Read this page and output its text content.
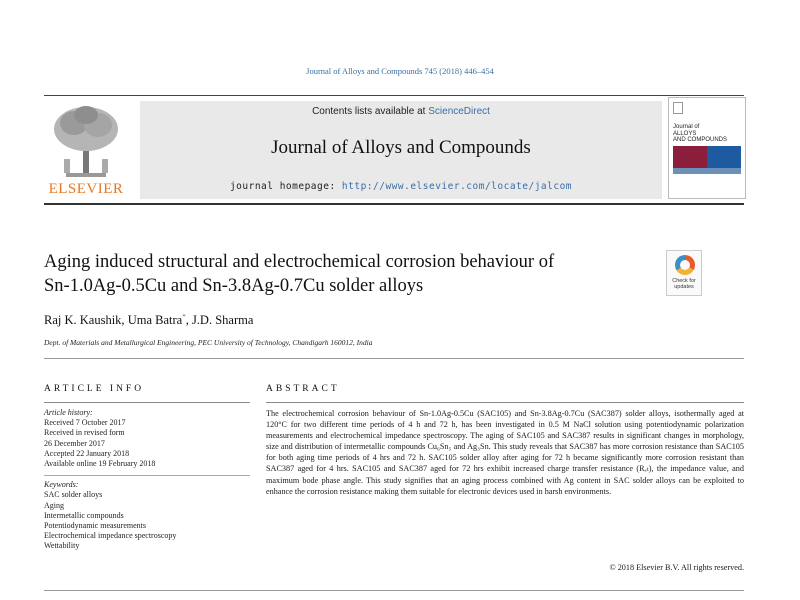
Journal of Alloys and Compounds 745 (2018) 446–454
ELSEVIER
Contents lists available at ScienceDirect
Journal of Alloys and Compounds
journal homepage: http://www.elsevier.com/locate/jalcom
Journal of
ALLOYS
AND COMPOUNDS
Aging induced structural and electrochemical corrosion behaviour of
Sn-1.0Ag-0.5Cu and Sn-3.8Ag-0.7Cu solder alloys	Check for
updates
Raj K. Kaushik, Uma Batra*, J.D. Sharma
Dept. of Materials and Metallurgical Engineering, PEC University of Technology, Chandigarh 160012, India
ARTICLE INFO	ABSTRACT
Article history:
Received 7 October 2017
Received in revised form
26 December 2017
Accepted 22 January 2018
Available online 19 February 2018
Keywords:
SAC solder alloys
Aging
Intermetallic compounds
Potentiodynamic measurements
Electrochemical impedance spectroscopy
Wettability
The electrochemical corrosion behaviour of Sn-1.0Ag-0.5Cu (SAC105) and Sn-3.8Ag-0.7Cu (SAC387) solder alloys, isothermally aged at 120°C for two different time periods of 4 h and 72 h, has been investigated in 0.5 M NaCl solution using potentiodynamic polarization measurements and electrochemical impedance spectroscopy. The aging of SAC105 and SAC387 results in significant changes in morphology, size and distribution of intermetallic compounds Cu₆Sn₅ and Ag₃Sn. This study reveals that SAC387 has more corrosion resistance than SAC105 for both aging time periods of 4 hrs and 72 h. SAC105 solder alloy after aging for 72 h became significantly more corrosion resistant than SAC387 aged for 4 hrs. SAC105 and SAC387 aged for 72 hrs exhibit increased charge transfer resistance (Rₑₜ), the impedance value, and maximum bode phase angle. This study signifies that an aging process combined with Ag content in SAC solder alloys can be exploited to enhance the corrosion resistance making them suitable for electronic devices used in harsh environments.
© 2018 Elsevier B.V. All rights reserved.
